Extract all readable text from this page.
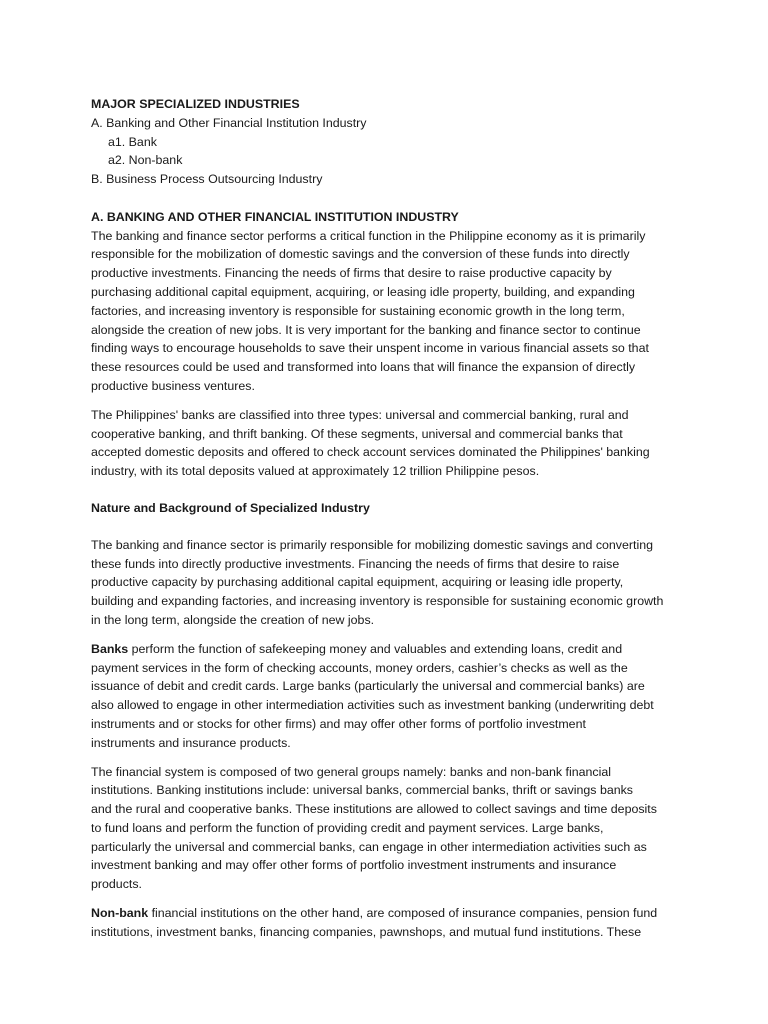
MAJOR SPECIALIZED INDUSTRIES
A. Banking and Other Financial Institution Industry
a1. Bank
a2. Non-bank
B. Business Process Outsourcing Industry
A. BANKING AND OTHER FINANCIAL INSTITUTION INDUSTRY
The banking and finance sector performs a critical function in the Philippine economy as it is primarily
responsible for the mobilization of domestic savings and the conversion of these funds into directly
productive investments. Financing the needs of firms that desire to raise productive capacity by
purchasing additional capital equipment, acquiring, or leasing idle property, building, and expanding
factories, and increasing inventory is responsible for sustaining economic growth in the long term,
alongside the creation of new jobs. It is very important for the banking and finance sector to continue
finding ways to encourage households to save their unspent income in various financial assets so that
these resources could be used and transformed into loans that will finance the expansion of directly
productive business ventures.
The Philippines' banks are classified into three types: universal and commercial banking, rural and
cooperative banking, and thrift banking. Of these segments, universal and commercial banks that
accepted domestic deposits and offered to check account services dominated the Philippines' banking
industry, with its total deposits valued at approximately 12 trillion Philippine pesos.
Nature and Background of Specialized Industry
The banking and finance sector is primarily responsible for mobilizing domestic savings and converting
these funds into directly productive investments. Financing the needs of firms that desire to raise
productive capacity by purchasing additional capital equipment, acquiring or leasing idle property,
building and expanding factories, and increasing inventory is responsible for sustaining economic growth
in the long term, alongside the creation of new jobs.
Banks perform the function of safekeeping money and valuables and extending loans, credit and
payment services in the form of checking accounts, money orders, cashier’s checks as well as the
issuance of debit and credit cards. Large banks (particularly the universal and commercial banks) are
also allowed to engage in other intermediation activities such as investment banking (underwriting debt
instruments and or stocks for other firms) and may offer other forms of portfolio investment
instruments and insurance products.
The financial system is composed of two general groups namely: banks and non-bank financial
institutions. Banking institutions include: universal banks, commercial banks, thrift or savings banks
and the rural and cooperative banks. These institutions are allowed to collect savings and time deposits
to fund loans and perform the function of providing credit and payment services. Large banks,
particularly the universal and commercial banks, can engage in other intermediation activities such as
investment banking and may offer other forms of portfolio investment instruments and insurance
products.
Non-bank financial institutions on the other hand, are composed of insurance companies, pension fund
institutions, investment banks, financing companies, pawnshops, and mutual fund institutions. These
